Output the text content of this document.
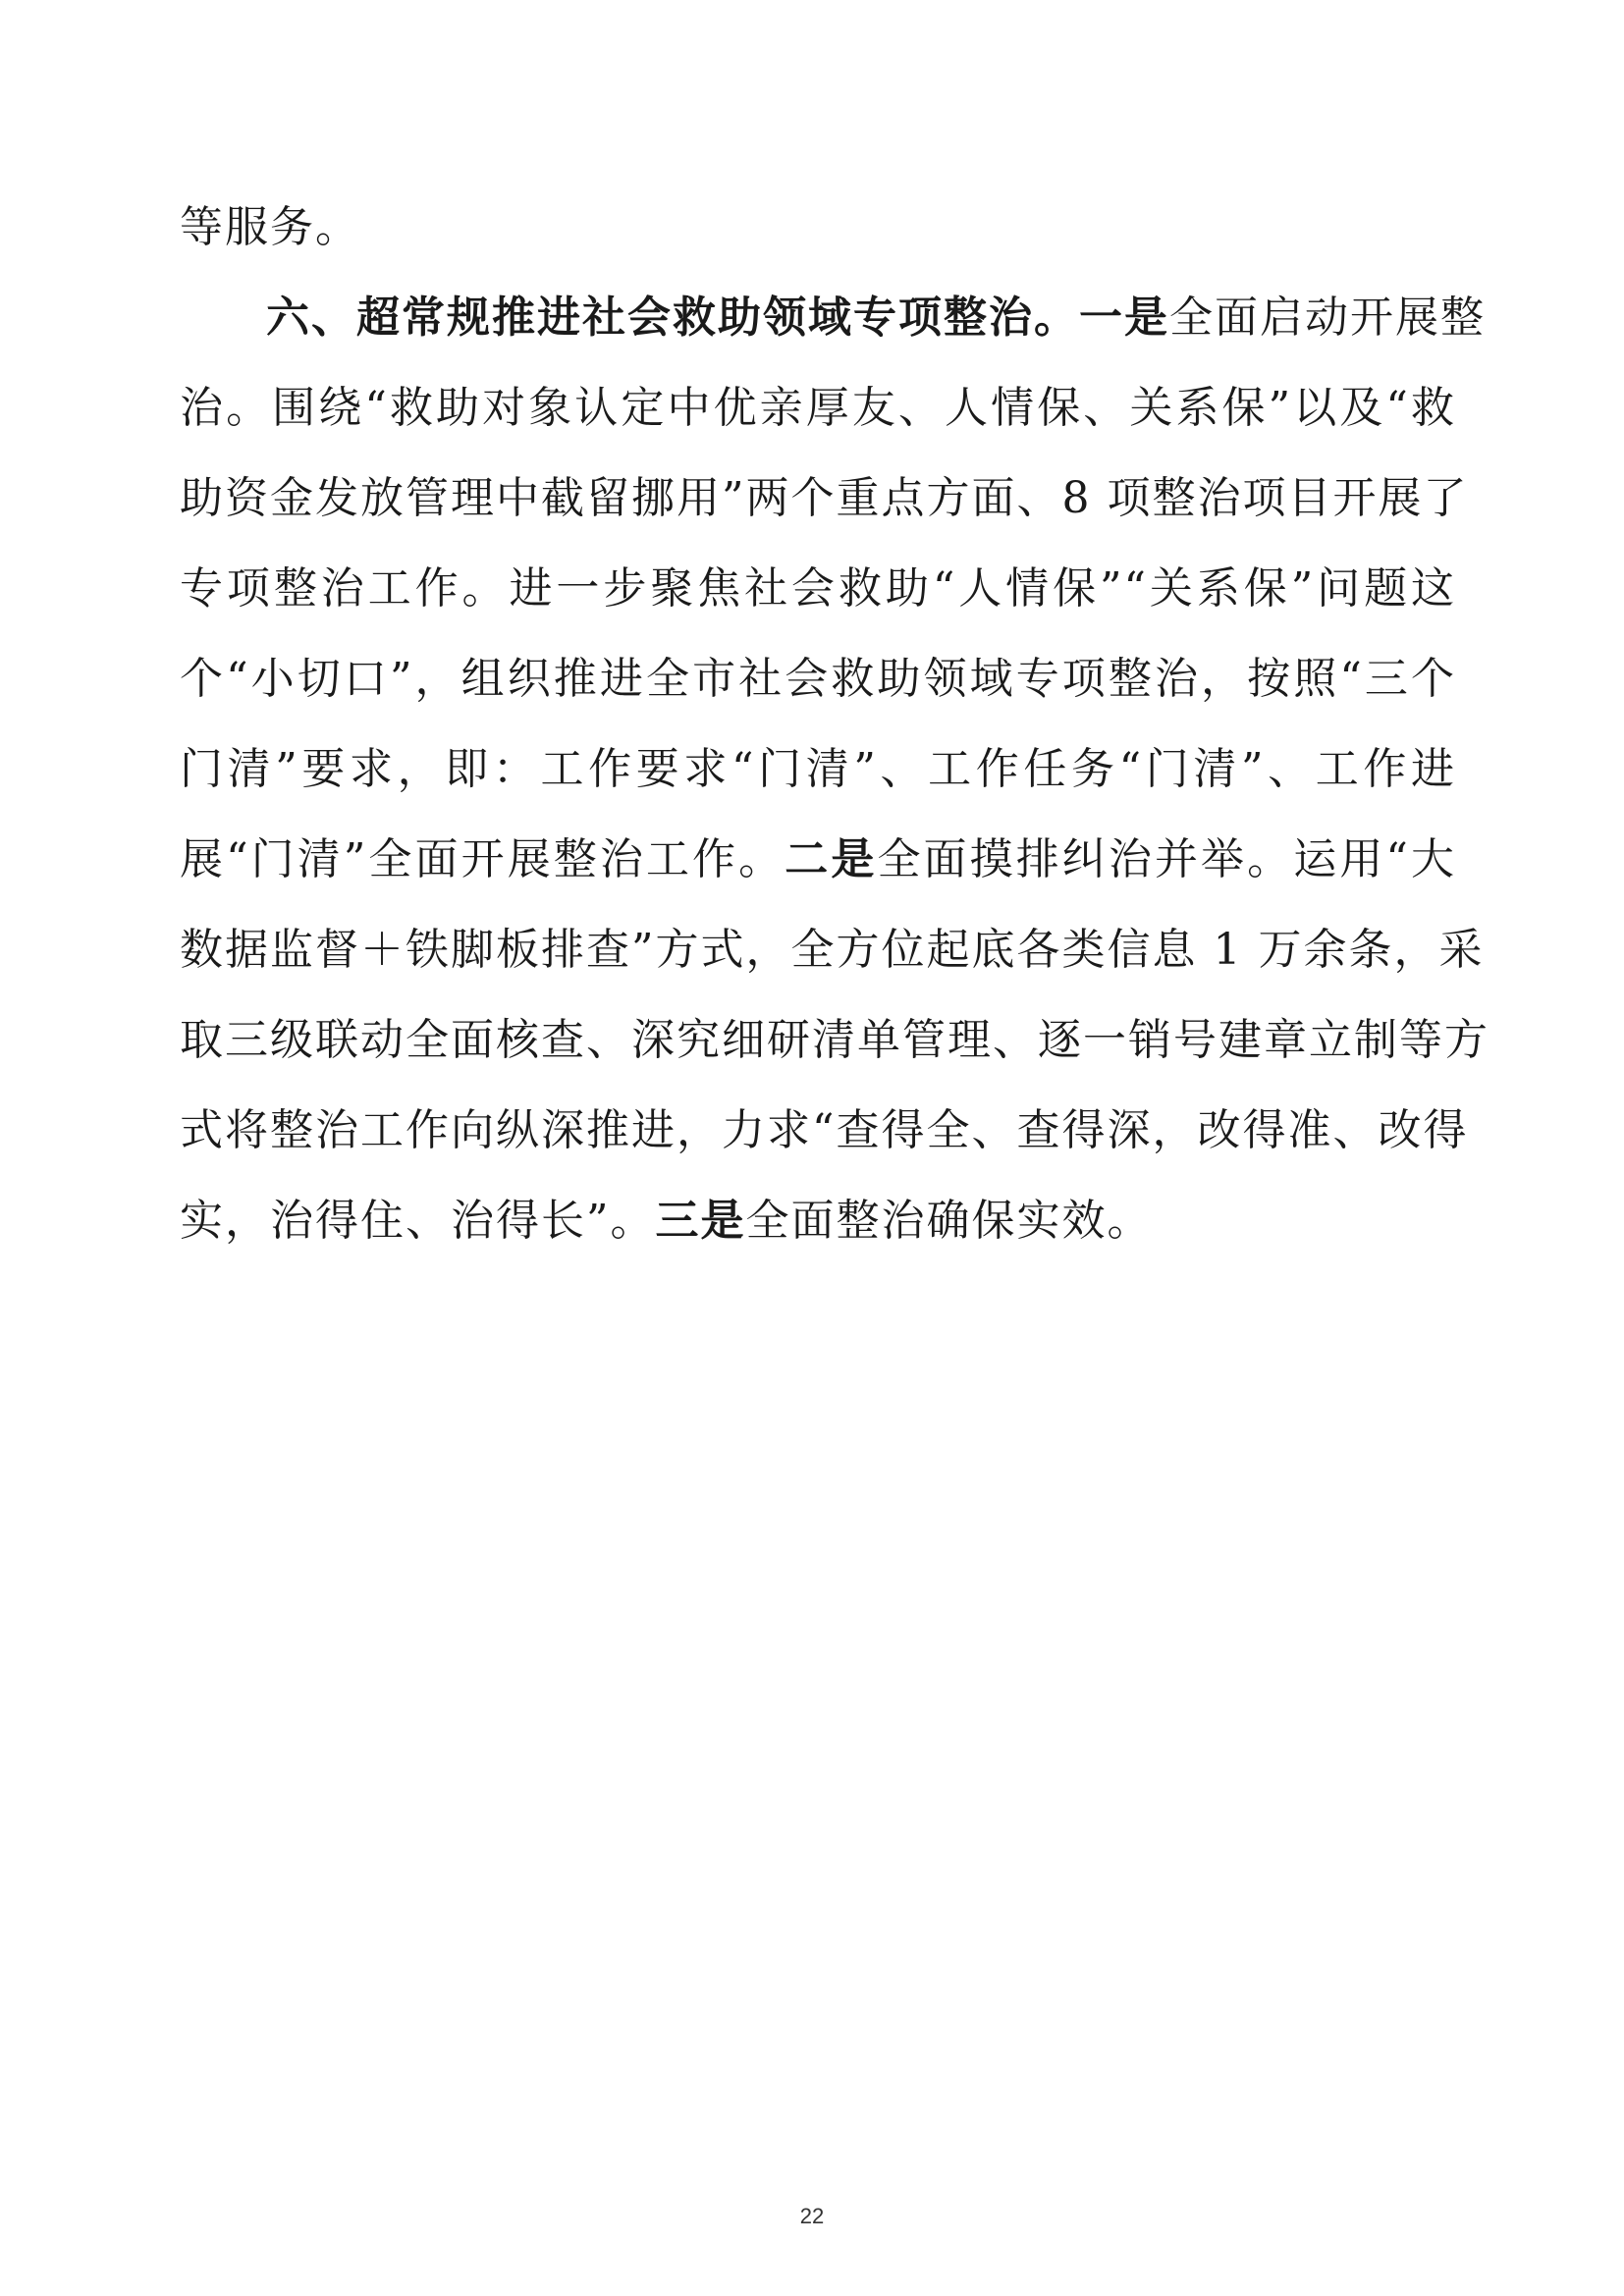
等服务。
六、超常规推进社会救助领域专项整治。一是全面启动开展整
治。围绕“救助对象认定中优亲厚友、人情保、关系保”以及“救
助资金发放管理中截留挪用”两个重点方面、8 项整治项目开展了
专项整治工作。进一步聚焦社会救助“人情保”“关系保”问题这
个“小切口”，组织推进全市社会救助领域专项整治，按照“三个
门清”要求，即：工作要求“门清”、工作任务“门清”、工作进
展“门清”全面开展整治工作。二是全面摸排纠治并举。运用“大
数据监督＋铁脚板排查”方式，全方位起底各类信息 1 万余条，采
取三级联动全面核查、深究细研清单管理、逐一销号建章立制等方
式将整治工作向纵深推进，力求“查得全、查得深，改得准、改得
实，治得住、治得长”。三是全面整治确保实效。
22
